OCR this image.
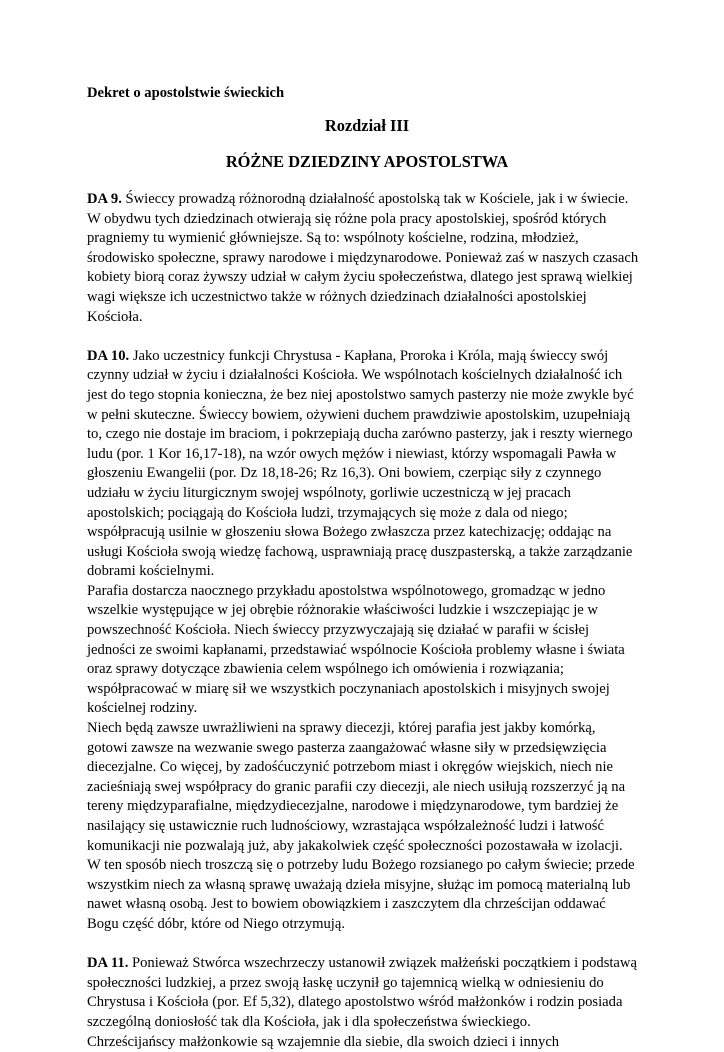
Dekret o apostolstwie świeckich

Rozdział III

RÓŻNE DZIEDZINY APOSTOLSTWA

DA 9. Świeccy prowadzą różnorodną działalność apostolską tak w Kościele, jak i w świecie.
W obydwu tych dziedzinach otwierają się różne pola pracy apostolskiej, spośród których
pragniemy tu wymienić główniejsze. Są to: wspólnoty kościelne, rodzina, młodzież,
środowisko społeczne, sprawy narodowe i międzynarodowe. Ponieważ zaś w naszych czasach
kobiety biorą coraz żywszy udział w całym życiu społeczeństwa, dlatego jest sprawą wielkiej
wagi większe ich uczestnictwo także w różnych dziedzinach działalności apostolskiej
Kościoła.
DA 10. Jako uczestnicy funkcji Chrystusa - Kapłana, Proroka i Króla, mają świeccy swój
czynny udział w życiu i działalności Kościoła. We wspólnotach kościelnych działalność ich
jest do tego stopnia konieczna, że bez niej apostolstwo samych pasterzy nie może zwykle być
w pełni skuteczne. Świeccy bowiem, ożywieni duchem prawdziwie apostolskim, uzupełniają
to, czego nie dostaje im braciom, i pokrzepiają ducha zarówno pasterzy, jak i reszty wiernego
ludu (por. 1 Kor 16,17-18), na wzór owych mężów i niewiast, którzy wspomagali Pawła w
głoszeniu Ewangelii (por. Dz 18,18-26; Rz 16,3). Oni bowiem, czerpiąc siły z czynnego
udziału w życiu liturgicznym swojej wspólnoty, gorliwie uczestniczą w jej pracach
apostolskich; pociągają do Kościoła ludzi, trzymających się może z dala od niego;
współpracują usilnie w głoszeniu słowa Bożego zwłaszcza przez katechizację; oddając na
usługi Kościoła swoją wiedzę fachową, usprawniają pracę duszpasterską, a także zarządzanie
dobrami kościelnymi.
Parafia dostarcza naocznego przykładu apostolstwa wspólnotowego, gromadząc w jedno
wszelkie występujące w jej obrębie różnorakie właściwości ludzkie i wszczepiając je w
powszechność Kościoła. Niech świeccy przyzwyczajają się działać w parafii w ścisłej
jedności ze swoimi kapłanami, przedstawiać wspólnocie Kościoła problemy własne i świata
oraz sprawy dotyczące zbawienia celem wspólnego ich omówienia i rozwiązania;
współpracować w miarę sił we wszystkich poczynaniach apostolskich i misyjnych swojej
kościelnej rodziny.
Niech będą zawsze uwrażliwieni na sprawy diecezji, której parafia jest jakby komórką,
gotowi zawsze na wezwanie swego pasterza zaangażować własne siły w przedsięwzięcia
diecezjalne. Co więcej, by zadośćuczynić potrzebom miast i okręgów wiejskich, niech nie
zacieśniają swej współpracy do granic parafii czy diecezji, ale niech usiłują rozszerzyć ją na
tereny międzyparafialne, międzydiecezjalne, narodowe i międzynarodowe, tym bardziej że
nasilający się ustawicznie ruch ludnościowy, wzrastająca współzależność ludzi i łatwość
komunikacji nie pozwalają już, aby jakakolwiek część społeczności pozostawała w izolacji.
W ten sposób niech troszczą się o potrzeby ludu Bożego rozsianego po całym świecie; przede
wszystkim niech za własną sprawę uważają dzieła misyjne, służąc im pomocą materialną lub
nawet własną osobą. Jest to bowiem obowiązkiem i zaszczytem dla chrześcijan oddawać
Bogu część dóbr, które od Niego otrzymują.
DA 11. Ponieważ Stwórca wszechrzeczy ustanowił związek małżeński początkiem i podstawą
społeczności ludzkiej, a przez swoją łaskę uczynił go tajemnicą wielką w odniesieniu do
Chrystusa i Kościoła (por. Ef 5,32), dlatego apostolstwo wśród małżonków i rodzin posiada
szczególną doniosłość tak dla Kościoła, jak i dla społeczeństwa świeckiego.
Chrześcijańscy małżonkowie są wzajemnie dla siebie, dla swoich dzieci i innych
